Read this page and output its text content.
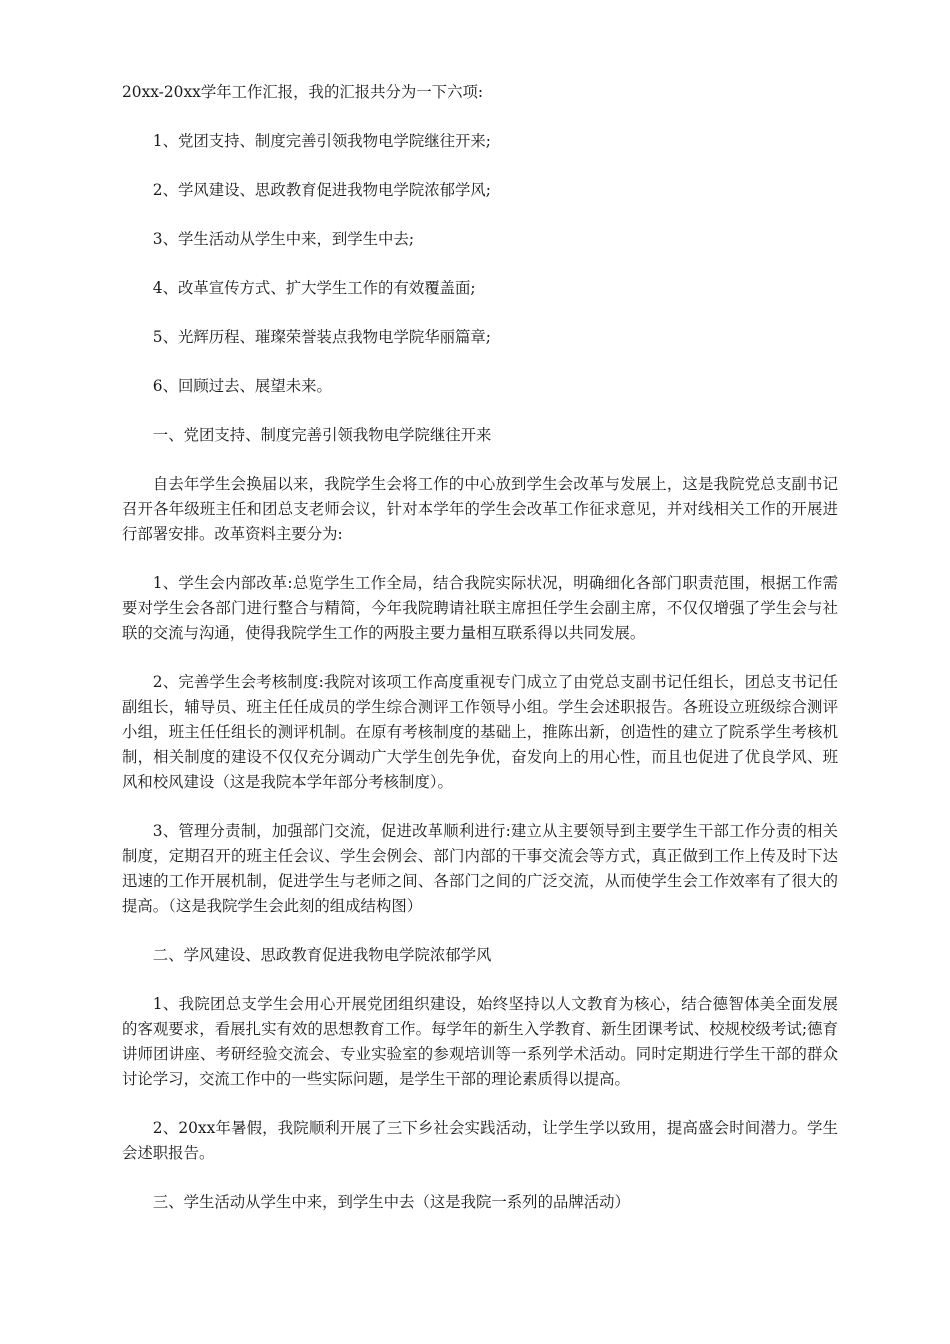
20xx-20xx学年工作汇报，我的汇报共分为一下六项:

1、党团支持、制度完善引领我物电学院继往开来;

2、学风建设、思政教育促进我物电学院浓郁学风;

3、学生活动从学生中来，到学生中去;

4、改革宣传方式、扩大学生工作的有效覆盖面;

5、光辉历程、璀璨荣誉装点我物电学院华丽篇章;

6、回顾过去、展望未来。

一、党团支持、制度完善引领我物电学院继往开来

自去年学生会换届以来，我院学生会将工作的中心放到学生会改革与发展上，这是我院党总支副书记召开各年级班主任和团总支老师会议，针对本学年的学生会改革工作征求意见，并对线相关工作的开展进行部署安排。改革资料主要分为:

1、学生会内部改革:总览学生工作全局，结合我院实际状况，明确细化各部门职责范围，根据工作需要对学生会各部门进行整合与精简，今年我院聘请社联主席担任学生会副主席，不仅仅增强了学生会与社联的交流与沟通，使得我院学生工作的两股主要力量相互联系得以共同发展。

2、完善学生会考核制度:我院对该项工作高度重视专门成立了由党总支副书记任组长，团总支书记任副组长，辅导员、班主任任成员的学生综合测评工作领导小组。学生会述职报告。各班设立班级综合测评小组，班主任任组长的测评机制。在原有考核制度的基础上，推陈出新，创造性的建立了院系学生考核机制，相关制度的建设不仅仅充分调动广大学生创先争优，奋发向上的用心性，而且也促进了优良学风、班风和校风建设（这是我院本学年部分考核制度）。

3、管理分责制，加强部门交流，促进改革顺利进行:建立从主要领导到主要学生干部工作分责的相关制度，定期召开的班主任会议、学生会例会、部门内部的干事交流会等方式，真正做到工作上传及时下达迅速的工作开展机制，促进学生与老师之间、各部门之间的广泛交流，从而使学生会工作效率有了很大的提高。（这是我院学生会此刻的组成结构图）

二、学风建设、思政教育促进我物电学院浓郁学风

1、我院团总支学生会用心开展党团组织建设，始终坚持以人文教育为核心，结合德智体美全面发展的客观要求，看展扎实有效的思想教育工作。每学年的新生入学教育、新生团课考试、校规校级考试;德育讲师团讲座、考研经验交流会、专业实验室的参观培训等一系列学术活动。同时定期进行学生干部的群众讨论学习，交流工作中的一些实际问题，是学生干部的理论素质得以提高。

2、20xx年暑假，我院顺利开展了三下乡社会实践活动，让学生学以致用，提高盛会时间潜力。学生会述职报告。

三、学生活动从学生中来，到学生中去（这是我院一系列的品牌活动）
